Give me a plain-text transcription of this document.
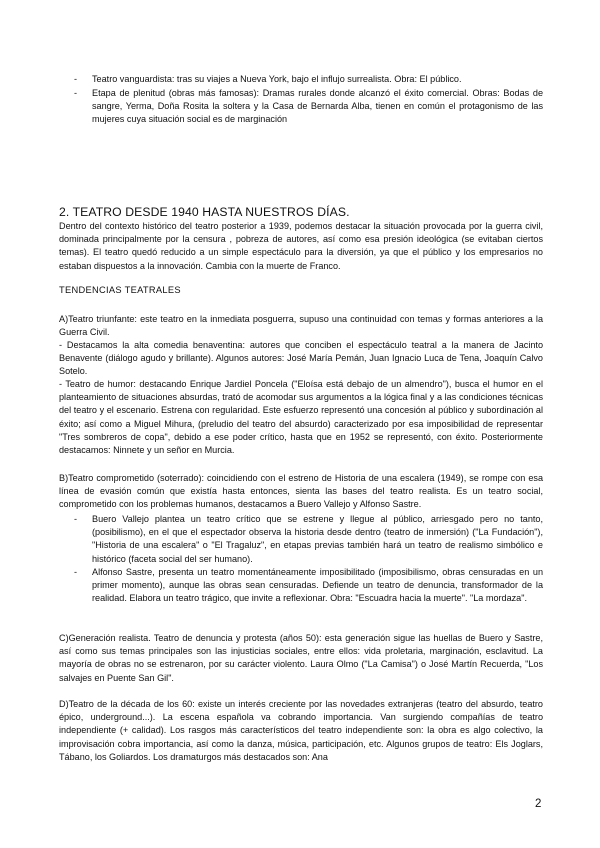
- Teatro vanguardista: tras su viajes a Nueva York, bajo el influjo surrealista. Obra: El público.

- Etapa de plenitud (obras más famosas): Dramas rurales donde alcanzó el éxito comercial. Obras: Bodas de sangre, Yerma, Doña Rosita la soltera y la Casa de Bernarda Alba, tienen en común el protagonismo de las mujeres cuya situación social es de marginación

2. TEATRO DESDE 1940 HASTA NUESTROS DÍAS.

Dentro del contexto histórico del teatro posterior a 1939, podemos destacar la situación provocada por la guerra civil, dominada principalmente por la censura , pobreza de autores, así como esa presión ideológica (se evitaban ciertos temas). El teatro quedó reducido a un simple espectáculo para la diversión, ya que el público y los empresarios no estaban dispuestos a la innovación. Cambia con la muerte de Franco.

TENDENCIAS TEATRALES

A)Teatro triunfante: este teatro en la inmediata posguerra, supuso una continuidad con temas y formas anteriores a la Guerra Civil.

- Destacamos la alta comedia benaventina: autores que conciben el espectáculo teatral a la manera de Jacinto Benavente (diálogo agudo y brillante). Algunos autores: José María Pemán, Juan Ignacio Luca de Tena, Joaquín Calvo Sotelo.

- Teatro de humor: destacando Enrique Jardiel Poncela ("Eloísa está debajo de un almendro"), busca el humor en el planteamiento de situaciones absurdas, trató de acomodar sus argumentos a la lógica final y a las condiciones técnicas del teatro y el escenario. Estrena con regularidad. Este esfuerzo representó una concesión al público y subordinación al éxito; así como a Miguel Mihura, (preludio del teatro del absurdo) caracterizado por esa imposibilidad de representar "Tres sombreros de copa", debido a ese poder crítico, hasta que en 1952 se representó, con éxito. Posteriormente destacamos: Ninnete y un señor en Murcia.

B)Teatro comprometido (soterrado): coincidiendo con el estreno de Historia de una escalera (1949), se rompe con esa línea de evasión común que existía hasta entonces, sienta las bases del teatro realista. Es un teatro social, comprometido con los problemas humanos, destacamos a Buero Vallejo y Alfonso Sastre.

- Buero Vallejo plantea un teatro crítico que se estrene y llegue al público, arriesgado pero no tanto, (posibilismo), en el que el espectador observa la historia desde dentro (teatro de inmersión) ("La Fundación"), "Historia de una escalera" o "El Tragaluz", en etapas previas también hará un teatro de realismo simbólico e histórico (faceta social del ser humano).

- Alfonso Sastre, presenta un teatro momentáneamente imposibilitado (imposibilismo, obras censuradas en un primer momento), aunque las obras sean censuradas. Defiende un teatro de denuncia, transformador de la realidad. Elabora un teatro trágico, que invite a reflexionar. Obra: "Escuadra hacia la muerte". "La mordaza".

C)Generación realista. Teatro de denuncia y protesta (años 50): esta generación sigue las huellas de Buero y Sastre, así como sus temas principales son las injusticias sociales, entre ellos: vida proletaria, marginación, esclavitud. La mayoría de obras no se estrenaron, por su carácter violento. Laura Olmo ("La Camisa") o José Martín Recuerda, "Los salvajes en Puente San Gil".

D)Teatro de la década de los 60: existe un interés creciente por las novedades extranjeras (teatro del absurdo, teatro épico, underground...). La escena española va cobrando importancia. Van surgiendo compañías de teatro independiente (+ calidad). Los rasgos más característicos del teatro independiente son: la obra es algo colectivo, la improvisación cobra importancia, así como la danza, música, participación, etc. Algunos grupos de teatro: Els Joglars, Tábano, los Goliardos. Los dramaturgos más destacados son: Ana

2
